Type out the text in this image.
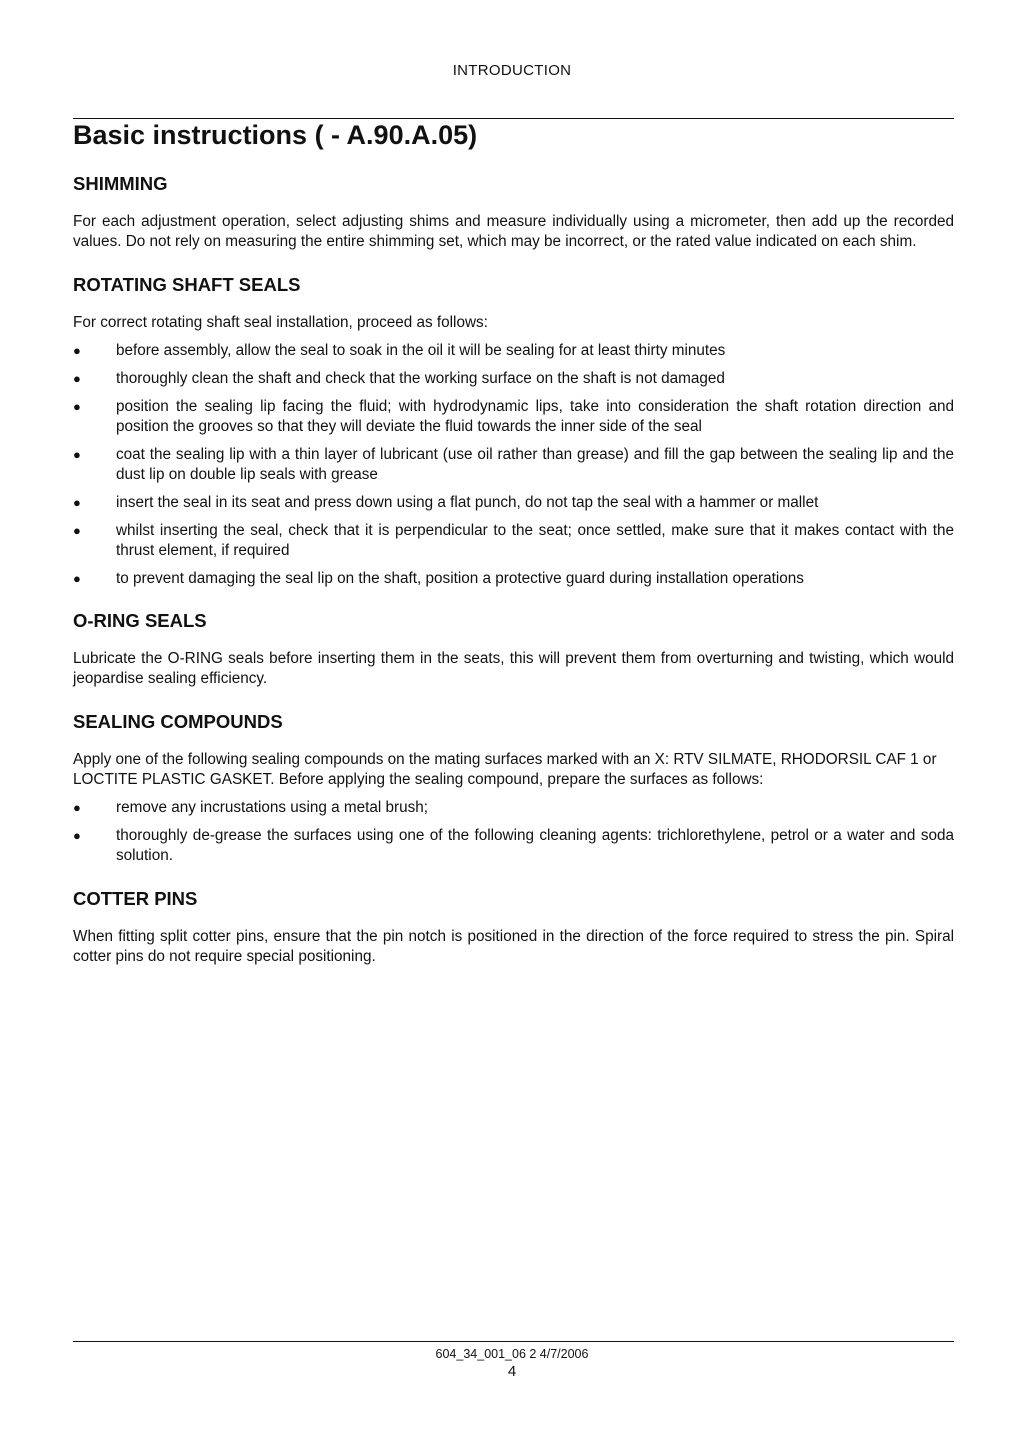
INTRODUCTION
Basic instructions ( - A.90.A.05)
SHIMMING

For each adjustment operation, select adjusting shims and measure individually using a micrometer, then add up the recorded values. Do not rely on measuring the entire shimming set, which may be incorrect, or the rated value indicated on each shim.

ROTATING SHAFT SEALS

For correct rotating shaft seal installation, proceed as follows:

● before assembly, allow the seal to soak in the oil it will be sealing for at least thirty minutes
● thoroughly clean the shaft and check that the working surface on the shaft is not damaged
● position the sealing lip facing the fluid; with hydrodynamic lips, take into consideration the shaft rotation direction and position the grooves so that they will deviate the fluid towards the inner side of the seal
● coat the sealing lip with a thin layer of lubricant (use oil rather than grease) and fill the gap between the sealing lip and the dust lip on double lip seals with grease
● insert the seal in its seat and press down using a flat punch, do not tap the seal with a hammer or mallet
● whilst inserting the seal, check that it is perpendicular to the seat; once settled, make sure that it makes contact with the thrust element, if required
● to prevent damaging the seal lip on the shaft, position a protective guard during installation operations
O-RING SEALS

Lubricate the O-RING seals before inserting them in the seats, this will prevent them from overturning and twisting, which would jeopardise sealing efficiency.

SEALING COMPOUNDS

Apply one of the following sealing compounds on the mating surfaces marked with an X: RTV SILMATE, RHODORSIL CAF 1 or LOCTITE PLASTIC GASKET. Before applying the sealing compound, prepare the surfaces as follows:

● remove any incrustations using a metal brush;
● thoroughly de-grease the surfaces using one of the following cleaning agents: trichlorethylene, petrol or a water and soda solution.
COTTER PINS

When fitting split cotter pins, ensure that the pin notch is positioned in the direction of the force required to stress the pin. Spiral cotter pins do not require special positioning.

604_34_001_06 2 4/7/2006
4
